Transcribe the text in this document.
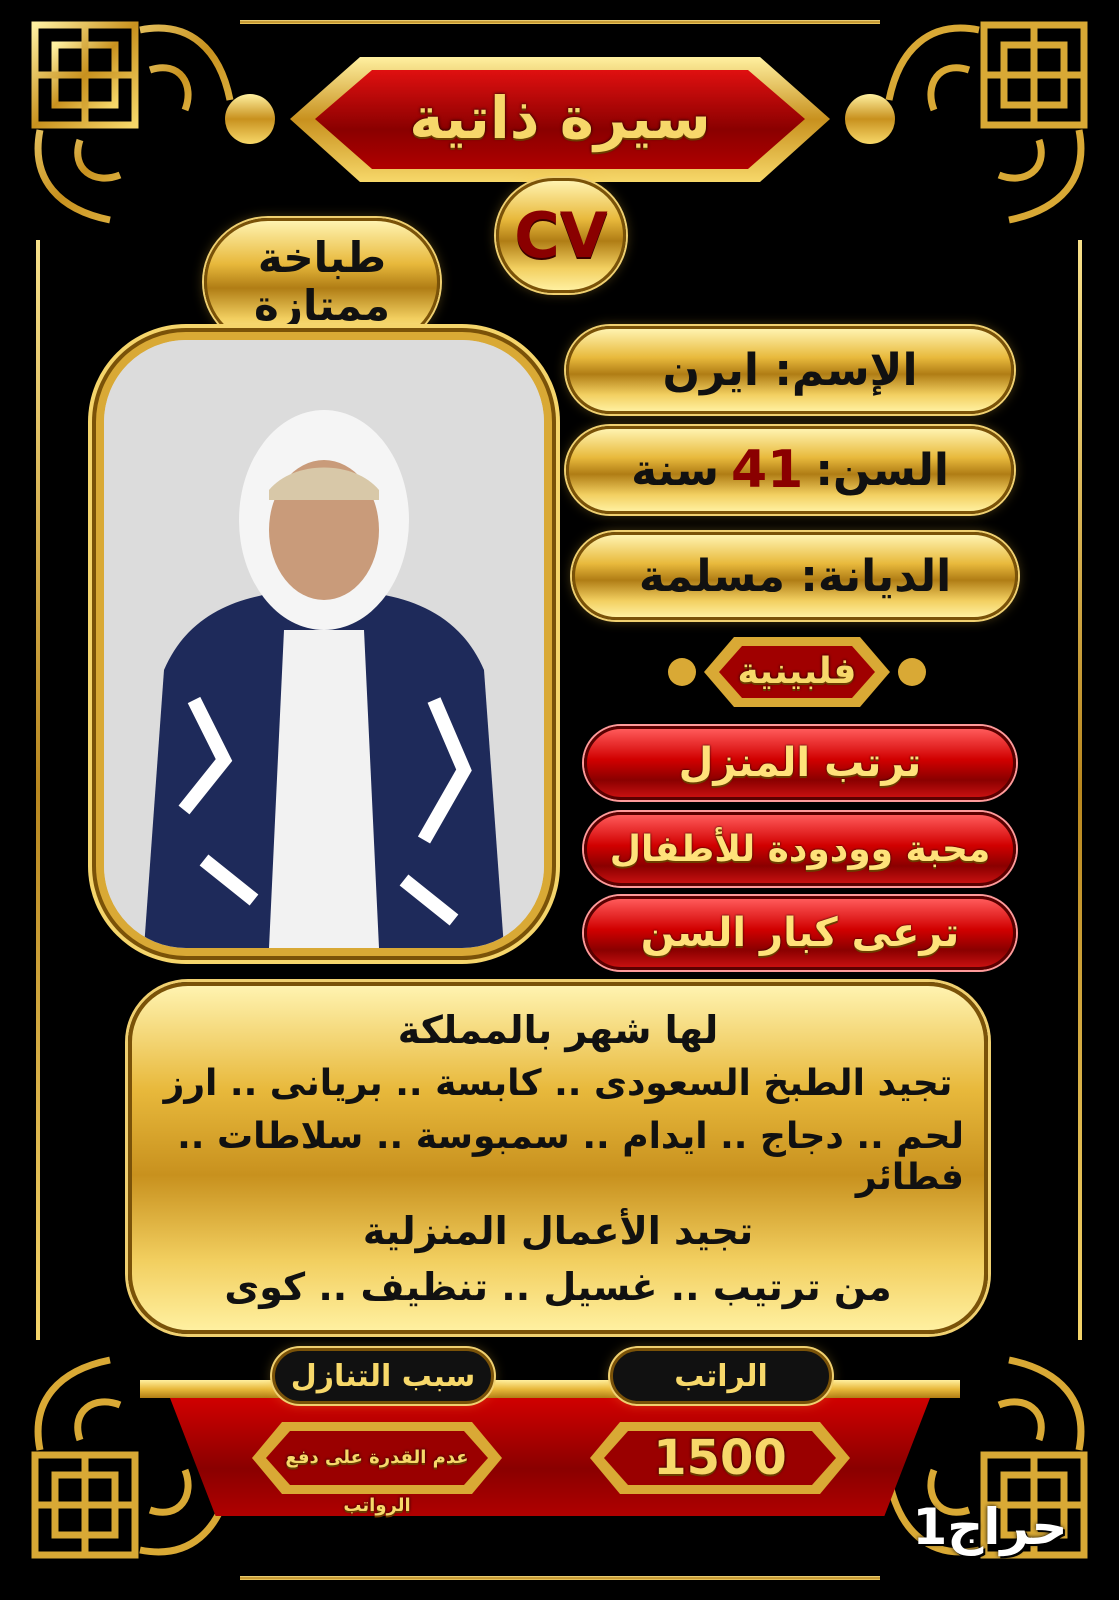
سيرة ذاتية
CV
طباخة
ممتازة
الإسم: ايرن
السن:
41
سنة
الديانة: مسلمة
فلبينية
ترتب المنزل
محبة وودودة للأطفال
ترعى كبار السن
لها شهر بالمملكة
تجيد الطبخ السعودى .. كابسة .. بريانى .. ارز
لحم .. دجاج .. ايدام .. سمبوسة .. سلاطات .. فطائر
تجيد الأعمال المنزلية
من ترتيب .. غسيل .. تنظيف .. كوى
سبب التنازل	الراتب
عدم القدرة على دفع الرواتب
1500
حراج1
